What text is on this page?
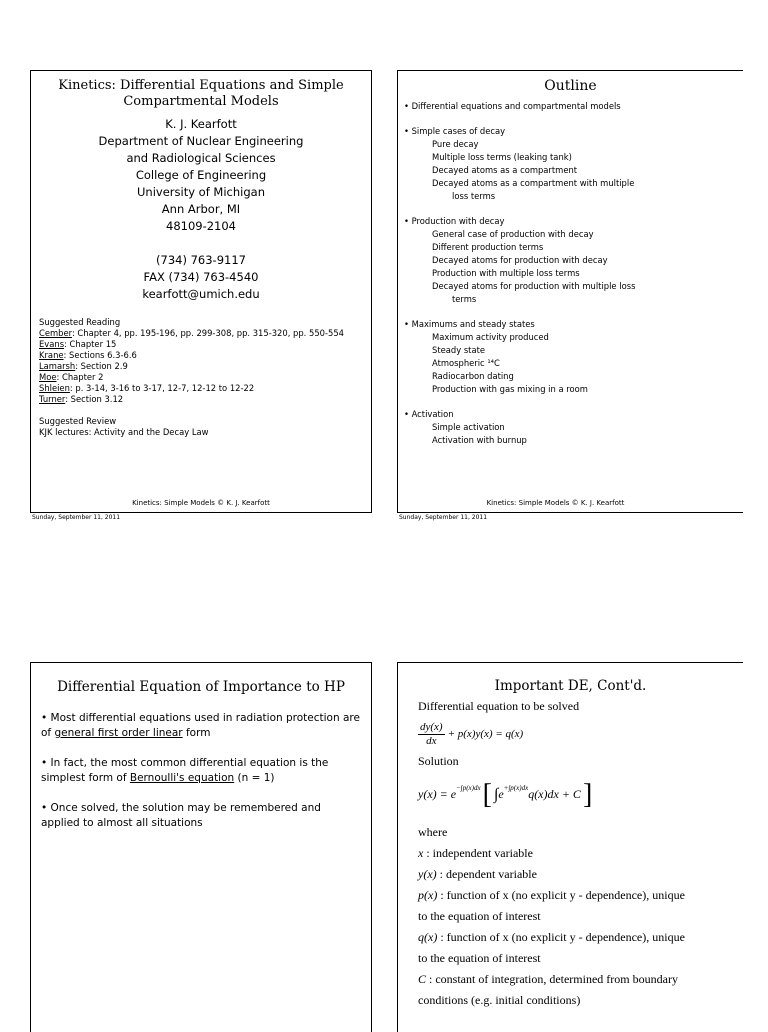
Kinetics: Differential Equations and Simple Compartmental Models
K. J. Kearfott
Department of Nuclear Engineering
and Radiological Sciences
College of Engineering
University of Michigan
Ann Arbor, MI
48109-2104
(734) 763-9117
FAX (734) 763-4540
kearfott@umich.edu
Suggested Reading
Cember: Chapter 4, pp. 195-196, pp. 299-308, pp. 315-320, pp. 550-554
Evans: Chapter 15
Krane: Sections 6.3-6.6
Lamarsh: Section 2.9
Moe: Chapter 2
Shleien: p. 3-14, 3-16 to 3-17, 12-7, 12-12 to 12-22
Turner: Section 3.12
Suggested Review
KJK lectures: Activity and the Decay Law
Kinetics: Simple Models © K. J. Kearfott
Sunday, September 11, 2011
Outline
• Differential equations and compartmental models
• Simple cases of decay
Pure decay
Multiple loss terms (leaking tank)
Decayed atoms as a compartment
Decayed atoms as a compartment with multiple
loss terms
• Production with decay
General case of production with decay
Different production terms
Decayed atoms for production with decay
Production with multiple loss terms
Decayed atoms for production with multiple loss
terms
• Maximums and steady states
Maximum activity produced
Steady state
Atmospheric ¹⁴C
Radiocarbon dating
Production with gas mixing in a room
• Activation
Simple activation
Activation with burnup
Kinetics: Simple Models © K. J. Kearfott
Sunday, September 11, 2011
Differential Equation of Importance to HP
• Most differential equations used in radiation protection are of general first order linear form
• In fact, the most common differential equation is the simplest form of Bernoulli's equation (n = 1)
• Once solved, the solution may be remembered and applied to almost all situations
Important DE, Cont'd.
Differential equation to be solved
dy(x)
dx
+ p(x)y(x) = q(x)
Solution
$y(x) = e^{-\int p(x)dx}$ [ ∫ $e^{+\int p(x)dx}$ q(x)dx + C ]
where
x : independent variable
y(x) : dependent variable
p(x) : function of x (no explicit y - dependence), unique
to the equation of interest
q(x) : function of x (no explicit y - dependence), unique
to the equation of interest
C : constant of integration, determined from boundary
conditions (e.g. initial conditions)
